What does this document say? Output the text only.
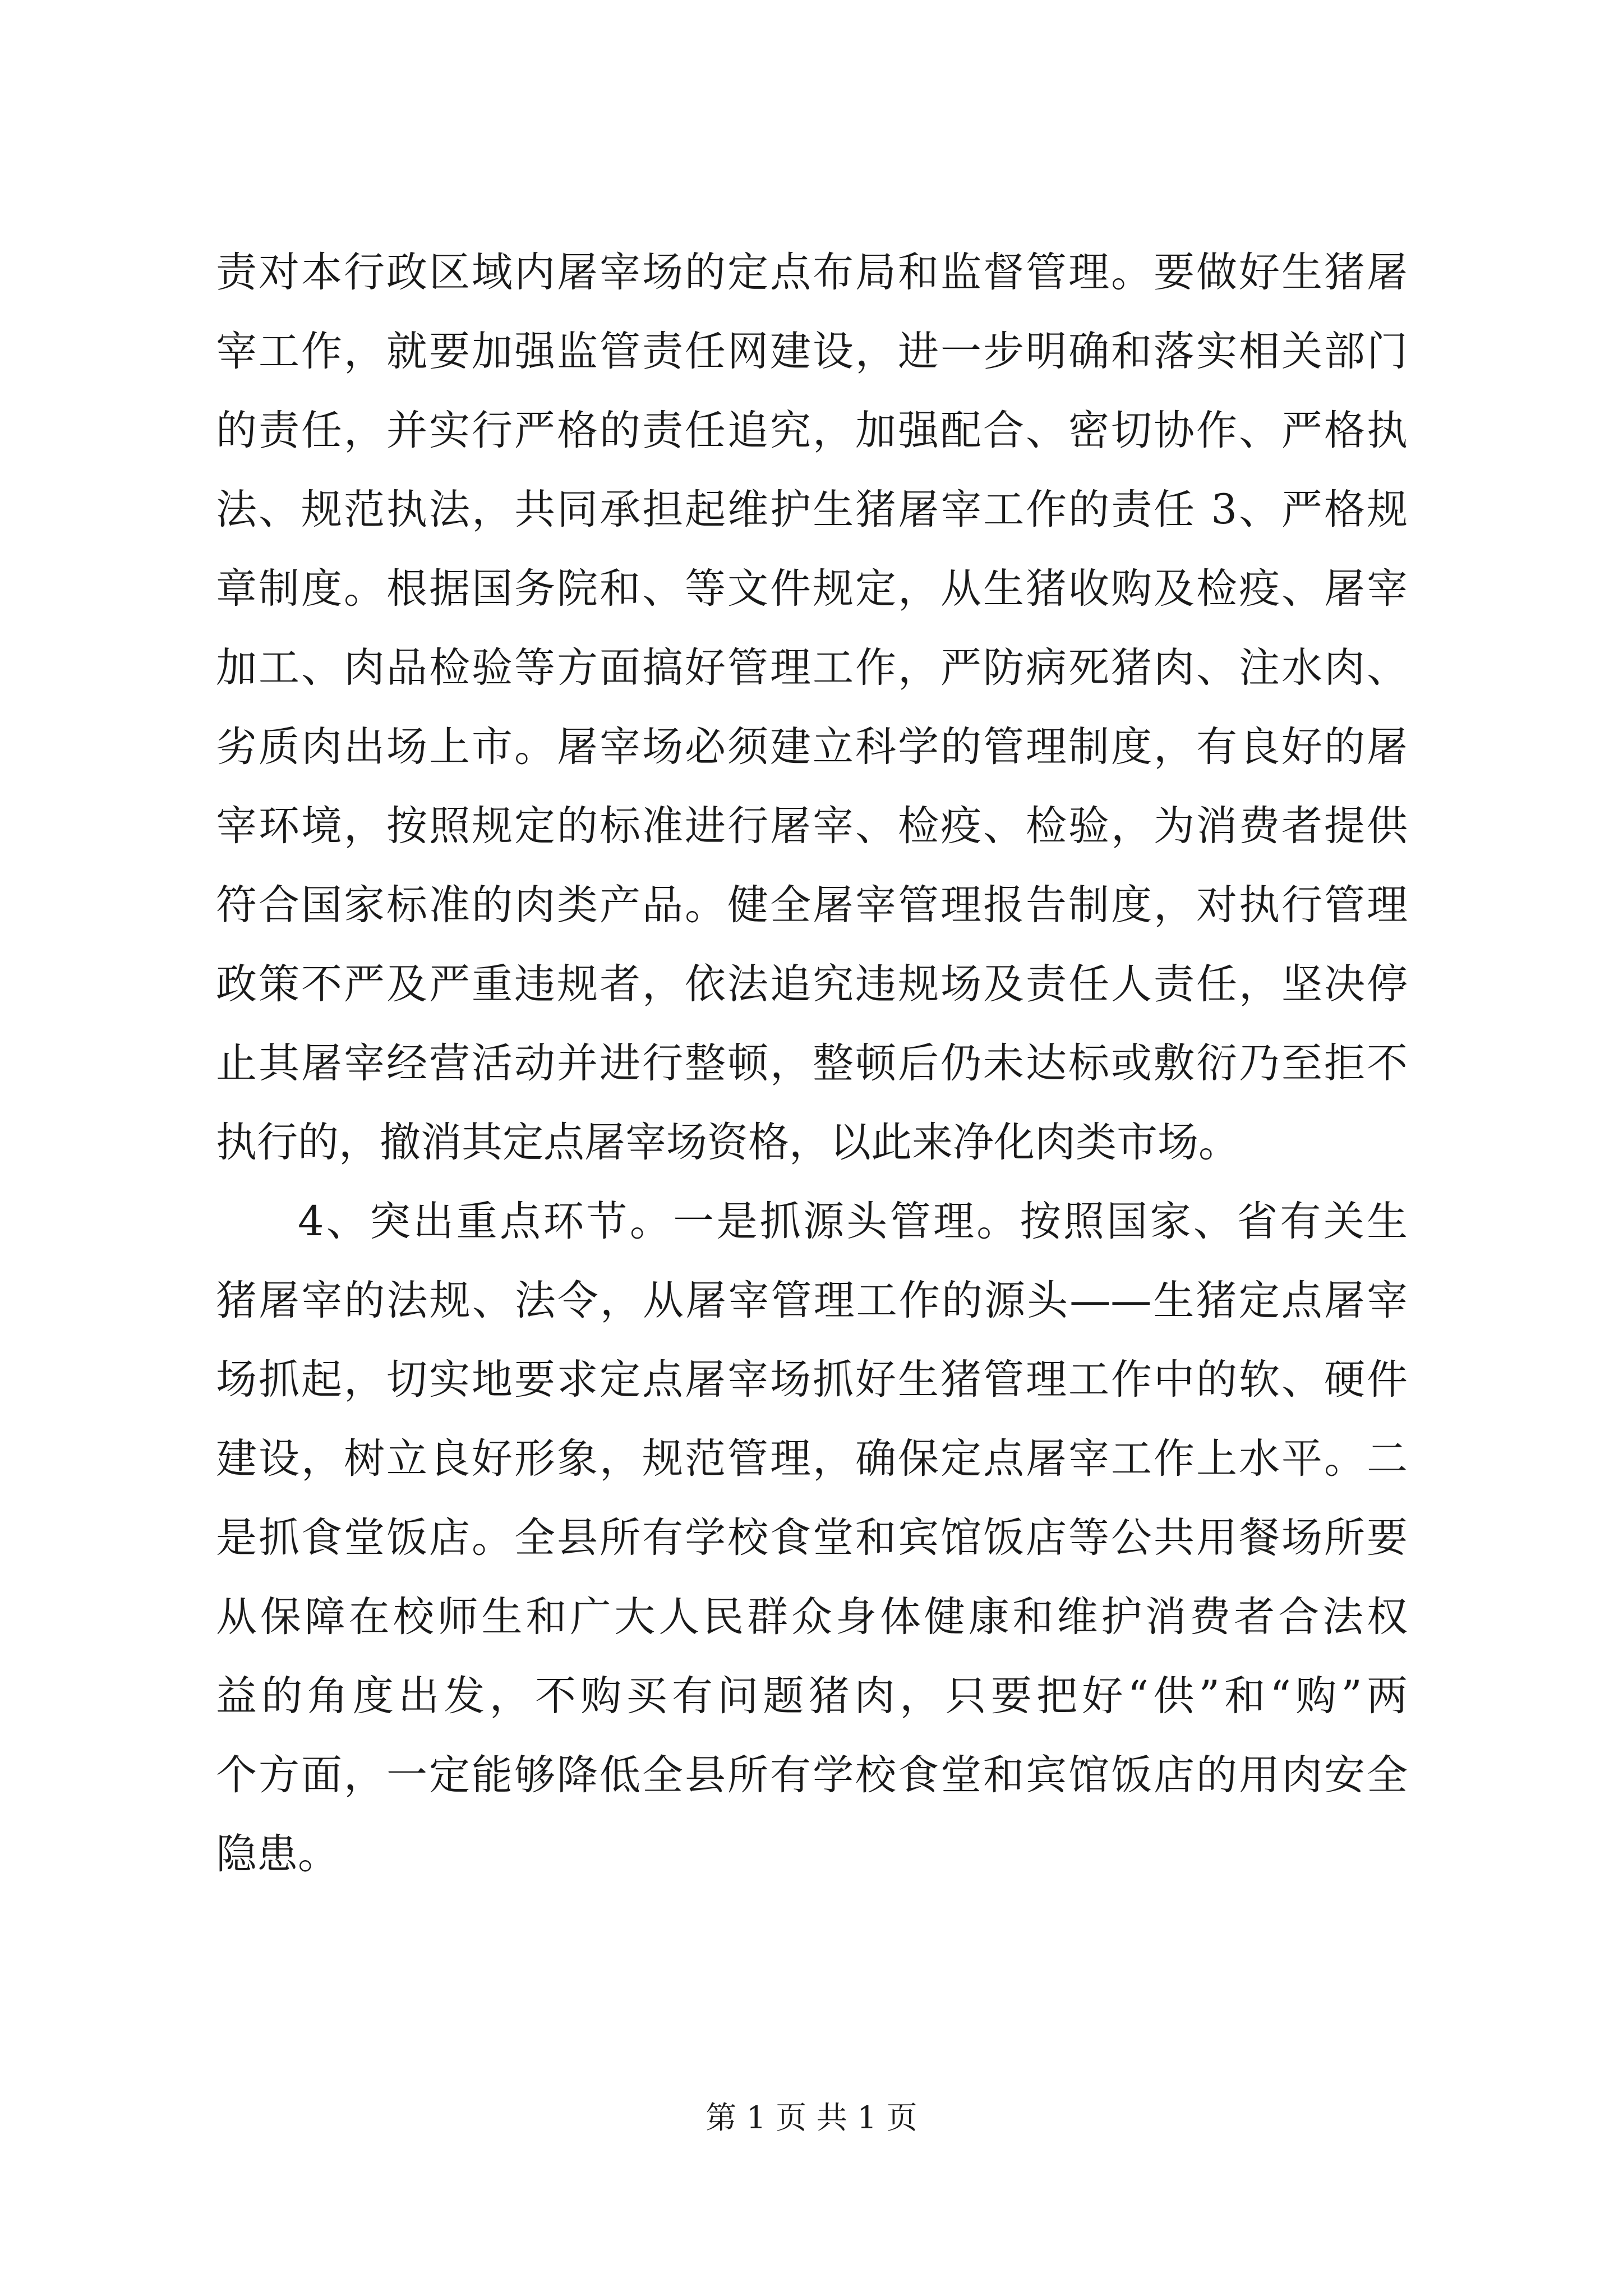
责对本行政区域内屠宰场的定点布局和监督管理。要做好生猪屠
宰工作，就要加强监管责任网建设，进一步明确和落实相关部门
的责任，并实行严格的责任追究，加强配合、密切协作、严格执
法、规范执法，共同承担起维护生猪屠宰工作的责任 3、严格规
章制度。根据国务院和、等文件规定，从生猪收购及检疫、屠宰
加工、肉品检验等方面搞好管理工作，严防病死猪肉、注水肉、
劣质肉出场上市。屠宰场必须建立科学的管理制度，有良好的屠
宰环境，按照规定的标准进行屠宰、检疫、检验，为消费者提供
符合国家标准的肉类产品。健全屠宰管理报告制度，对执行管理
政策不严及严重违规者，依法追究违规场及责任人责任，坚决停
止其屠宰经营活动并进行整顿，整顿后仍未达标或敷衍乃至拒不
执行的，撤消其定点屠宰场资格，以此来净化肉类市场。
4、突出重点环节。一是抓源头管理。按照国家、省有关生
猪屠宰的法规、法令，从屠宰管理工作的源头——生猪定点屠宰
场抓起，切实地要求定点屠宰场抓好生猪管理工作中的软、硬件
建设，树立良好形象，规范管理，确保定点屠宰工作上水平。二
是抓食堂饭店。全县所有学校食堂和宾馆饭店等公共用餐场所要
从保障在校师生和广大人民群众身体健康和维护消费者合法权
益的角度出发，不购买有问题猪肉，只要把好“供”和“购”两
个方面，一定能够降低全县所有学校食堂和宾馆饭店的用肉安全
隐患。
第 1 页 共 1 页
